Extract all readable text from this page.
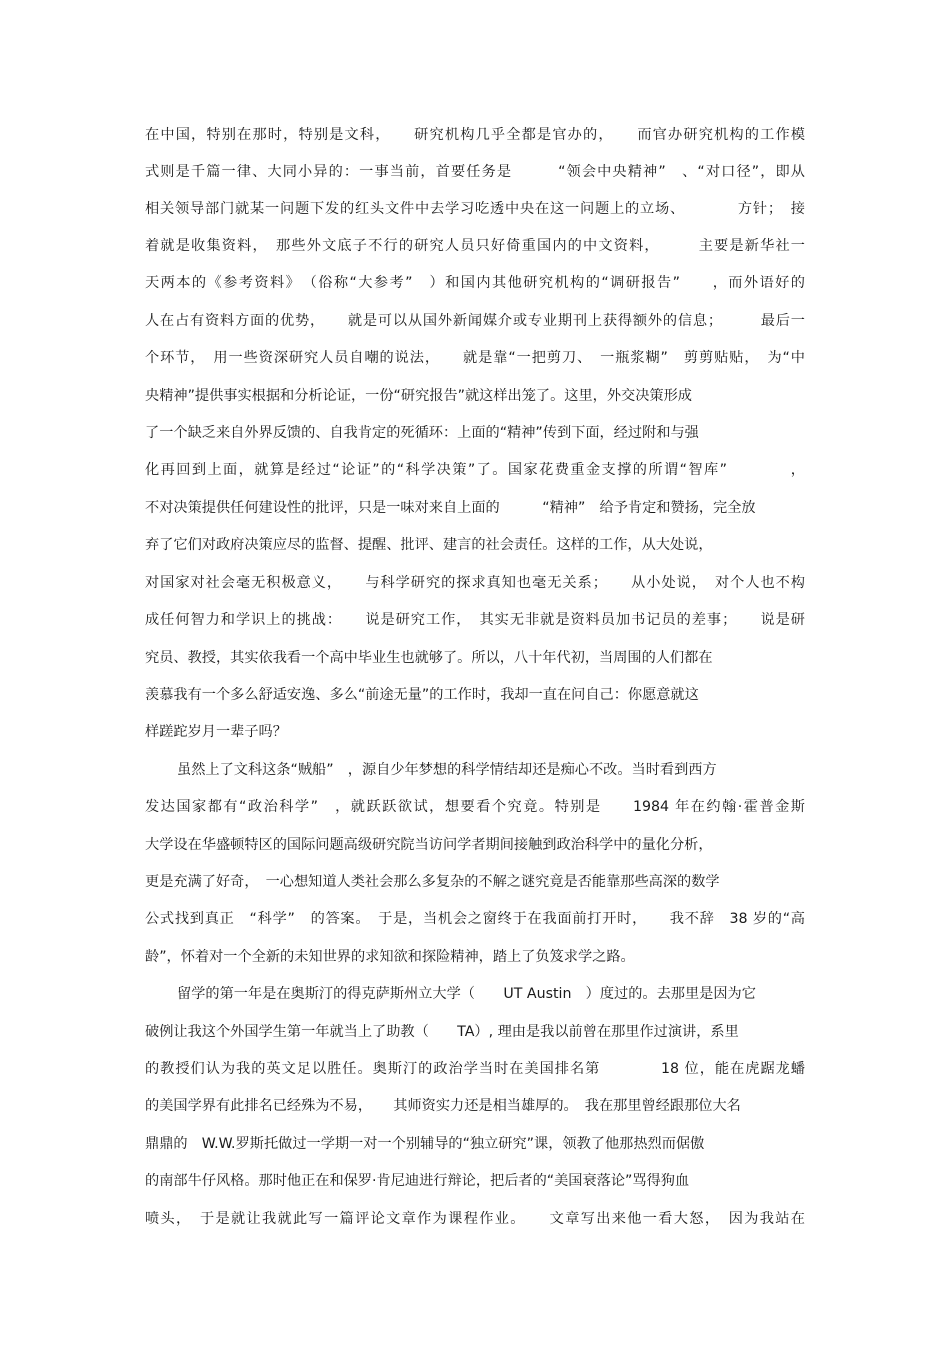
在中国，特别在那时，特别是文科，　　研究机构几乎全都是官办的，　　而官办研究机构的工作模
式则是千篇一律、大同小异的：一事当前，首要任务是　　　“领会中央精神”　、“对口径”，即从
相关领导部门就某一问题下发的红头文件中去学习吃透中央在这一问题上的立场、　　　　方针；　接
着就是收集资料，　那些外文底子不行的研究人员只好倚重国内的中文资料，　　　主要是新华社一
天两本的《参考资料》　（俗称“大参考”　）和国内其他研究机构的“调研报告”　　，而外语好的
人在占有资料方面的优势，　　就是可以从国外新闻媒介或专业期刊上获得额外的信息；　　　最后一
个环节，　用一些资深研究人员自嘲的说法，　　就是靠“一把剪刀、　一瓶浆糊”　剪剪贴贴，　为“中
央精神”提供事实根据和分析论证，一份“研究报告”就这样出笼了。这里，外交决策形成
了一个缺乏来自外界反馈的、自我肯定的死循环：上面的“精神”传到下面，经过附和与强
化再回到上面，就算是经过“论证”的“科学决策”了。国家花费重金支撑的所谓“智库”　　　　，
不对决策提供任何建设性的批评，只是一味对来自上面的　　　“精神”　给予肯定和赞扬，完全放
弃了它们对政府决策应尽的监督、提醒、批评、建言的社会责任。这样的工作，从大处说，
对国家对社会毫无积极意义，　　与科学研究的探求真知也毫无关系；　　从小处说，　对个人也不构
成任何智力和学识上的挑战：　　说是研究工作，　其实无非就是资料员加书记员的差事；　　说是研
究员、教授，其实依我看一个高中毕业生也就够了。所以，八十年代初，当周围的人们都在
羡慕我有一个多么舒适安逸、多么“前途无量”的工作时，我却一直在问自己：你愿意就这
样蹉跎岁月一辈子吗？
虽然上了文科这条“贼船”　，源自少年梦想的科学情结却还是痴心不改。当时看到西方
发达国家都有“政治科学”　，就跃跃欲试，想要看个究竟。特别是　　1984 年在约翰·霍普金斯
大学设在华盛顿特区的国际问题高级研究院当访问学者期间接触到政治科学中的量化分析，
更是充满了好奇，　一心想知道人类社会那么多复杂的不解之谜究竟是否能靠那些高深的数学
公式找到真正　“科学”　的答案。　于是，当机会之窗终于在我面前打开时，　　我不辞　38 岁的“高
龄”，怀着对一个全新的未知世界的求知欲和探险精神，踏上了负笈求学之路。
留学的第一年是在奥斯汀的得克萨斯州立大学（　　UT Austin　）度过的。去那里是因为它
破例让我这个外国学生第一年就当上了助教（　　TA）, 理由是我以前曾在那里作过演讲，系里
的教授们认为我的英文足以胜任。奥斯汀的政治学当时在美国排名第　　　　18 位，能在虎踞龙蟠
的美国学界有此排名已经殊为不易，　　其师资实力还是相当雄厚的。　我在那里曾经跟那位大名
鼎鼎的　W.W.罗斯托做过一学期一对一个别辅导的“独立研究”课，领教了他那热烈而倨傲
的南部牛仔风格。那时他正在和保罗·肯尼迪进行辩论，把后者的“美国衰落论”骂得狗血
喷头，　于是就让我就此写一篇评论文章作为课程作业。　　文章写出来他一看大怒，　因为我站在
